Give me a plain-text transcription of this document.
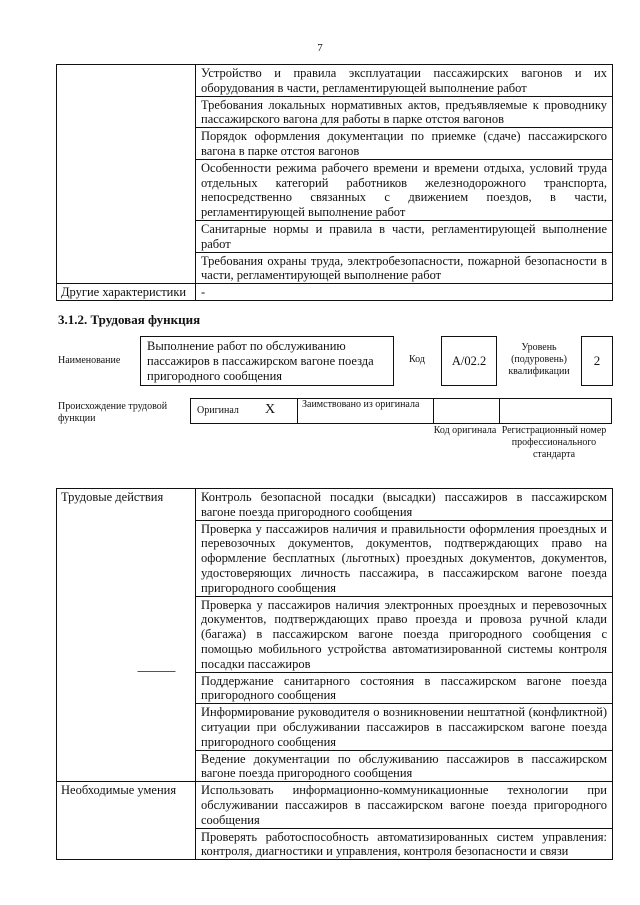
7
	Устройство и правила эксплуатации пассажирских вагонов и их оборудования в части, регламентирующей выполнение работ
	Требования локальных нормативных актов, предъявляемые к проводнику пассажирского вагона для работы в парке отстоя вагонов
	Порядок оформления документации по приемке (сдаче) пассажирского вагона в парке отстоя вагонов
	Особенности режима рабочего времени и времени отдыха, условий труда отдельных категорий работников железнодорожного транспорта, непосредственно связанных с движением поездов, в части, регламентирующей выполнение работ
	Санитарные нормы и правила в части, регламентирующей выполнение работ
	Требования охраны труда, электробезопасности, пожарной безопасности в части, регламентирующей выполнение работ
Другие характеристики	-
3.1.2. Трудовая функция
Наименование
Выполнение работ по обслуживанию пассажиров в пассажирском вагоне поезда пригородного сообщения
Код А/02.2
Уровень (подуровень) квалификации
2
Происхождение трудовой функции
Оригинал X	Заимствовано из оригинала
Код оригинала Регистрационный номер профессионального стандарта
Трудовые действия	Контроль безопасной посадки (высадки) пассажиров в пассажирском вагоне поезда пригородного сообщения
	Проверка у пассажиров наличия и правильности оформления проездных и перевозочных документов, документов, подтверждающих право на оформление бесплатных (льготных) проездных документов, документов, удостоверяющих личность пассажира, в пассажирском вагоне поезда пригородного сообщения
	Проверка у пассажиров наличия электронных проездных и перевозочных документов, подтверждающих право проезда и провоза ручной клади (багажа) в пассажирском вагоне поезда пригородного сообщения с помощью мобильного устройства автоматизированной системы контроля посадки пассажиров
	Поддержание санитарного состояния в пассажирском вагоне поезда пригородного сообщения
	Информирование руководителя о возникновении нештатной (конфликтной) ситуации при обслуживании пассажиров в пассажирском вагоне поезда пригородного сообщения
	Ведение документации по обслуживанию пассажиров в пассажирском вагоне поезда пригородного сообщения
Необходимые умения	Использовать информационно-коммуникационные технологии при обслуживании пассажиров в пассажирском вагоне поезда пригородного сообщения
	Проверять работоспособность автоматизированных систем управления: контроля, диагностики и управления, контроля безопасности и связи
